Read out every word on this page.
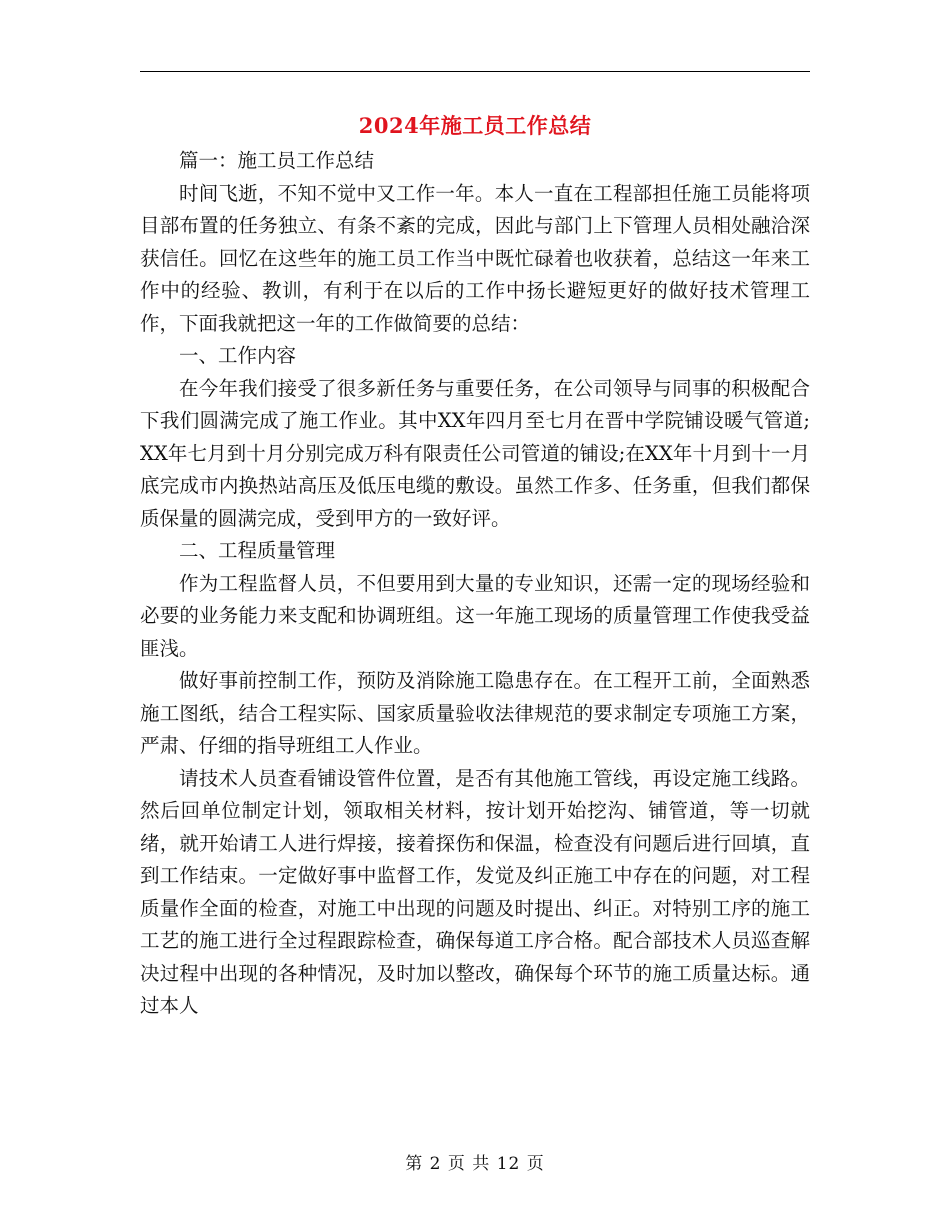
2024年施工员工作总结

篇一：施工员工作总结

时间飞逝，不知不觉中又工作一年。本人一直在工程部担任施工员能将项目部布置的任务独立、有条不紊的完成，因此与部门上下管理人员相处融洽深获信任。回忆在这些年的施工员工作当中既忙碌着也收获着，总结这一年来工作中的经验、教训，有利于在以后的工作中扬长避短更好的做好技术管理工作，下面我就把这一年的工作做简要的总结：

一、工作内容

在今年我们接受了很多新任务与重要任务，在公司领导与同事的积极配合下我们圆满完成了施工作业。其中XX年四月至七月在晋中学院铺设暖气管道;XX年七月到十月分别完成万科有限责任公司管道的铺设;在XX年十月到十一月底完成市内换热站高压及低压电缆的敷设。虽然工作多、任务重，但我们都保质保量的圆满完成，受到甲方的一致好评。

二、工程质量管理

作为工程监督人员，不但要用到大量的专业知识，还需一定的现场经验和必要的业务能力来支配和协调班组。这一年施工现场的质量管理工作使我受益匪浅。

做好事前控制工作，预防及消除施工隐患存在。在工程开工前，全面熟悉施工图纸，结合工程实际、国家质量验收法律规范的要求制定专项施工方案，严肃、仔细的指导班组工人作业。

请技术人员查看铺设管件位置，是否有其他施工管线，再设定施工线路。然后回单位制定计划，领取相关材料，按计划开始挖沟、铺管道，等一切就绪，就开始请工人进行焊接，接着探伤和保温，检查没有问题后进行回填，直到工作结束。一定做好事中监督工作，发觉及纠正施工中存在的问题，对工程质量作全面的检查，对施工中出现的问题及时提出、纠正。对特别工序的施工工艺的施工进行全过程跟踪检查，确保每道工序合格。配合部技术人员巡查解决过程中出现的各种情况，及时加以整改，确保每个环节的施工质量达标。通过本人

第 2 页 共 12 页
